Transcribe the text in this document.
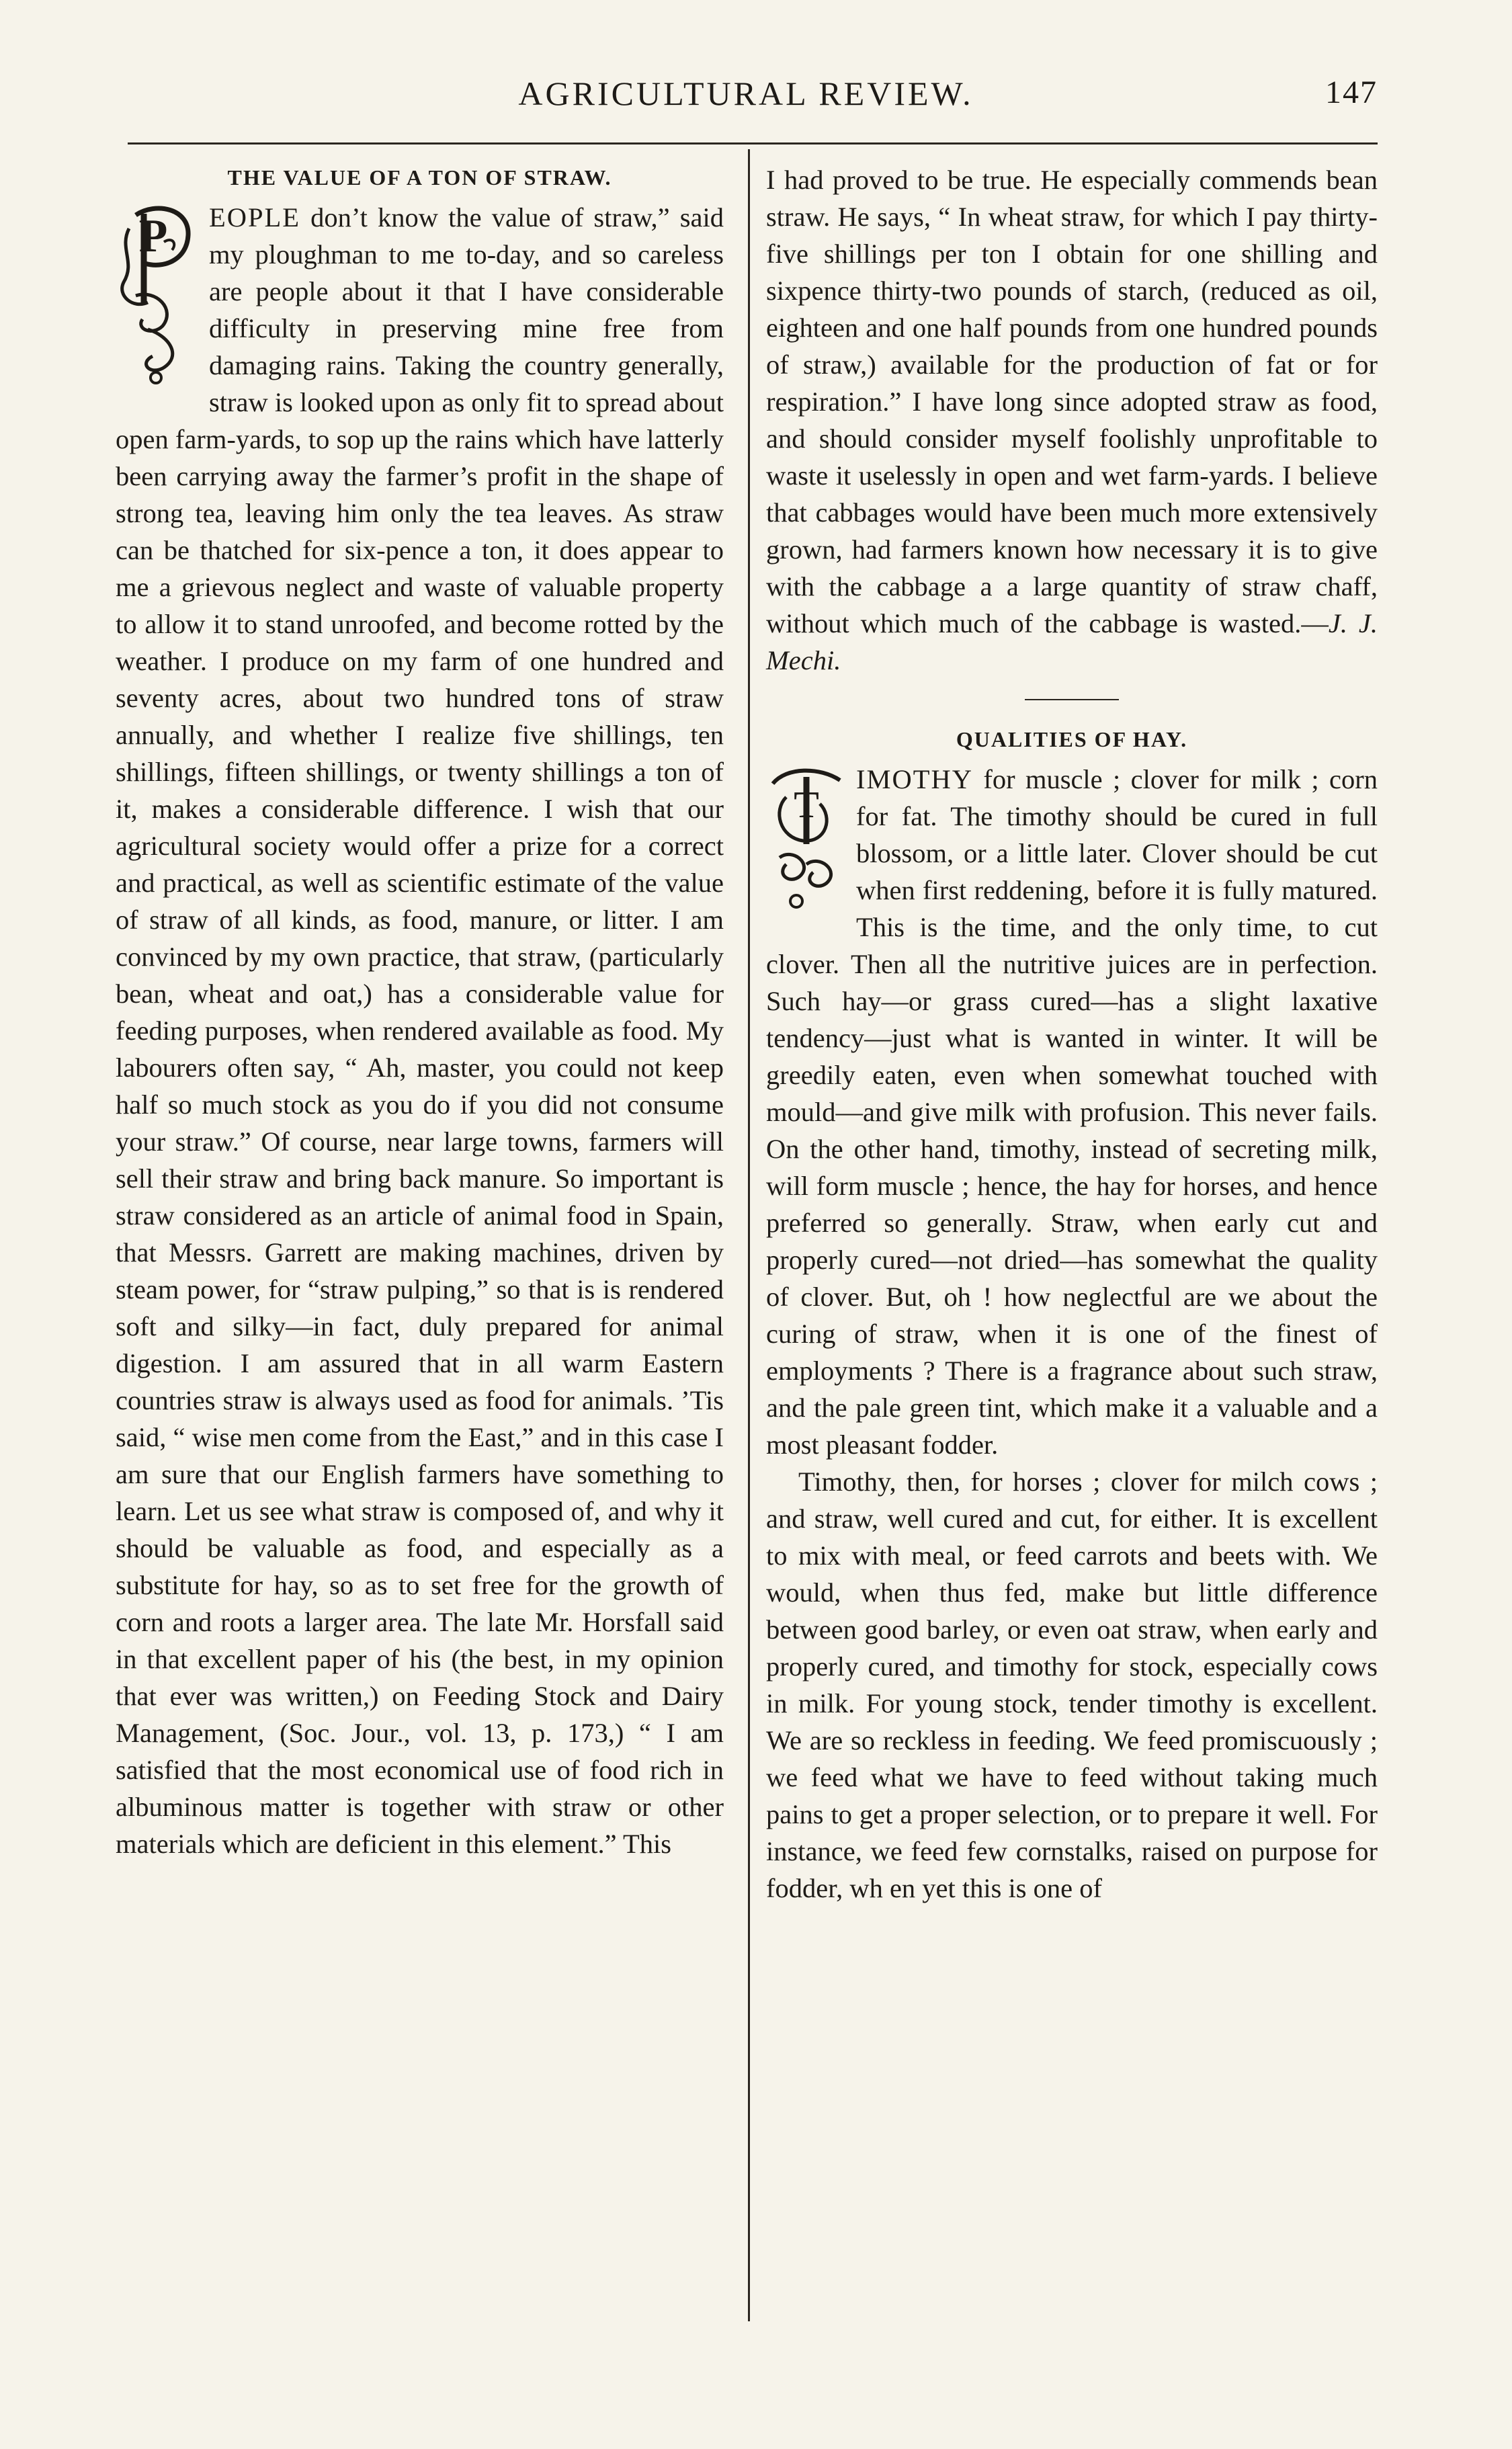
AGRICULTURAL REVIEW.	147
THE VALUE OF A TON OF STRAW.

P EOPLE don’t know the value of straw,” said my ploughman to me to-day, and so careless are people about it that I have considerable difficulty in preserving mine free from damaging rains. Taking the country generally, straw is looked upon as only fit to spread about open farm-yards, to sop up the rains which have latterly been carrying away the farmer’s profit in the shape of strong tea, leaving him only the tea leaves. As straw can be thatched for six-pence a ton, it does appear to me a grievous neglect and waste of valuable property to allow it to stand unroofed, and become rotted by the weather. I produce on my farm of one hundred and seventy acres, about two hundred tons of straw annually, and whether I realize five shillings, ten shillings, fifteen shillings, or twenty shillings a ton of it, makes a considerable difference. I wish that our agricultural society would offer a prize for a correct and practical, as well as scientific estimate of the value of straw of all kinds, as food, manure, or litter. I am convinced by my own practice, that straw, (particularly bean, wheat and oat,) has a considerable value for feeding purposes, when rendered available as food. My labourers often say, “ Ah, master, you could not keep half so much stock as you do if you did not consume your straw.” Of course, near large towns, farmers will sell their straw and bring back manure. So important is straw considered as an article of animal food in Spain, that Messrs. Garrett are making machines, driven by steam power, for “straw pulping,” so that is is rendered soft and silky—in fact, duly prepared for animal digestion. I am assured that in all warm Eastern countries straw is always used as food for animals. ’Tis said, “ wise men come from the East,” and in this case I am sure that our English farmers have something to learn. Let us see what straw is composed of, and why it should be valuable as food, and especially as a substitute for hay, so as to set free for the growth of corn and roots a larger area. The late Mr. Horsfall said in that excellent paper of his (the best, in my opinion that ever was written,) on Feeding Stock and Dairy Management, (Soc. Jour., vol. 13, p. 173,) “ I am satisfied that the most economical use of food rich in albuminous matter is together with straw or other materials which are deficient in this element.” This

I had proved to be true. He especially commends bean straw. He says, “ In wheat straw, for which I pay thirty-five shillings per ton I obtain for one shilling and sixpence thirty-two pounds of starch, (reduced as oil, eighteen and one half pounds from one hundred pounds of straw,) available for the production of fat or for respiration.” I have long since adopted straw as food, and should consider myself foolishly unprofitable to waste it uselessly in open and wet farm-yards. I believe that cabbages would have been much more extensively grown, had farmers known how necessary it is to give with the cabbage a a large quantity of straw chaff, without which much of the cabbage is wasted.—J. J. Mechi.

QUALITIES OF HAY.

T
IMOTHY for muscle ; clover for milk ; corn for fat. The timothy should be cured in full blossom, or a little later. Clover should be cut when first reddening, before it is fully matured. This is the time, and the only time, to cut clover. Then all the nutritive juices are in perfection. Such hay—or grass cured—has a slight laxative tendency—just what is wanted in winter. It will be greedily eaten, even when somewhat touched with mould—and give milk with profusion. This never fails. On the other hand, timothy, instead of secreting milk, will form muscle ; hence, the hay for horses, and hence preferred so generally. Straw, when early cut and properly cured—not dried—has somewhat the quality of clover. But, oh ! how neglectful are we about the curing of straw, when it is one of the finest of employments ? There is a fragrance about such straw, and the pale green tint, which make it a valuable and a most pleasant fodder.

Timothy, then, for horses ; clover for milch cows ; and straw, well cured and cut, for either. It is excellent to mix with meal, or feed carrots and beets with. We would, when thus fed, make but little difference between good barley, or even oat straw, when early and properly cured, and timothy for stock, especially cows in milk. For young stock, tender timothy is excellent. We are so reckless in feeding. We feed promiscuously ; we feed what we have to feed without taking much pains to get a proper selection, or to prepare it well. For instance, we feed few cornstalks, raised on purpose for fodder, wh en yet this is one of
